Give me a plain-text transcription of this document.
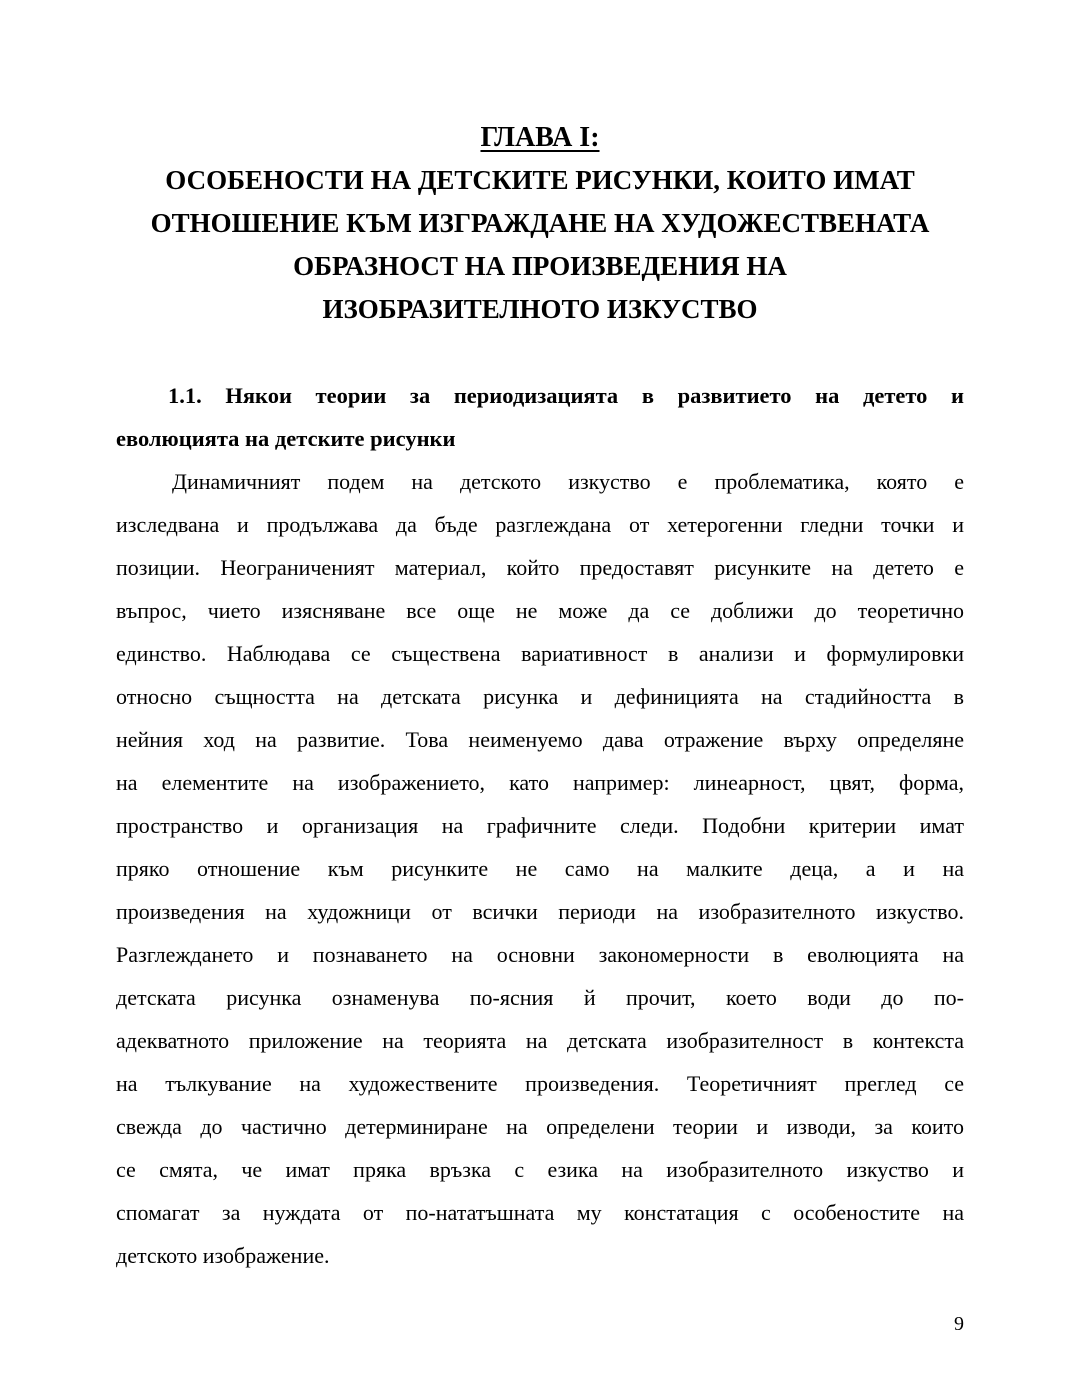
ГЛАВА I:
ОСОБЕНОСТИ НА ДЕТСКИТЕ РИСУНКИ, КОИТО ИМАТ
ОТНОШЕНИЕ КЪМ ИЗГРАЖДАНЕ НА ХУДОЖЕСТВЕНАТА
ОБРАЗНОСТ НА ПРОИЗВЕДЕНИЯ НА
ИЗОБРАЗИТЕЛНОТО ИЗКУСТВО
1.1. Някои теории за периодизацията в развитието на детето и
еволюцията на детските рисунки
Динамичният подем на детското изкуство е проблематика, която е
изследвана и продължава да бъде разглеждана от хетерогенни гледни точки и
позиции. Неограниченият материал, който предоставят рисунките на детето е
въпрос, чието изясняване все още не може да се доближи до теоретично
единство. Наблюдава се съществена вариативност в анализи и формулировки
относно същността на детската рисунка и дефиницията на стадийността в
нейния ход на развитие. Това неименуемо дава отражение върху определяне
на елементите на изображението, като например: линеарност, цвят, форма,
пространство и организация на графичните следи. Подобни критерии имат
пряко отношение към рисунките не само на малките деца, а и на
произведения на художници от всички периоди на изобразителното изкуство.
Разглеждането и познаването на основни закономерности в еволюцията на
детската рисунка ознаменува по-ясния й прочит, което води до по-
адекватното приложение на теорията на детската изобразителност в контекста
на тълкувание на художествените произведения. Теоретичният преглед се
свежда до частично детерминиране на определени теории и изводи, за които
се смята, че имат пряка връзка с езика на изобразителното изкуство и
спомагат за нуждата от по-нататъшната му констатация с особеностите на
детското изображение.
9
